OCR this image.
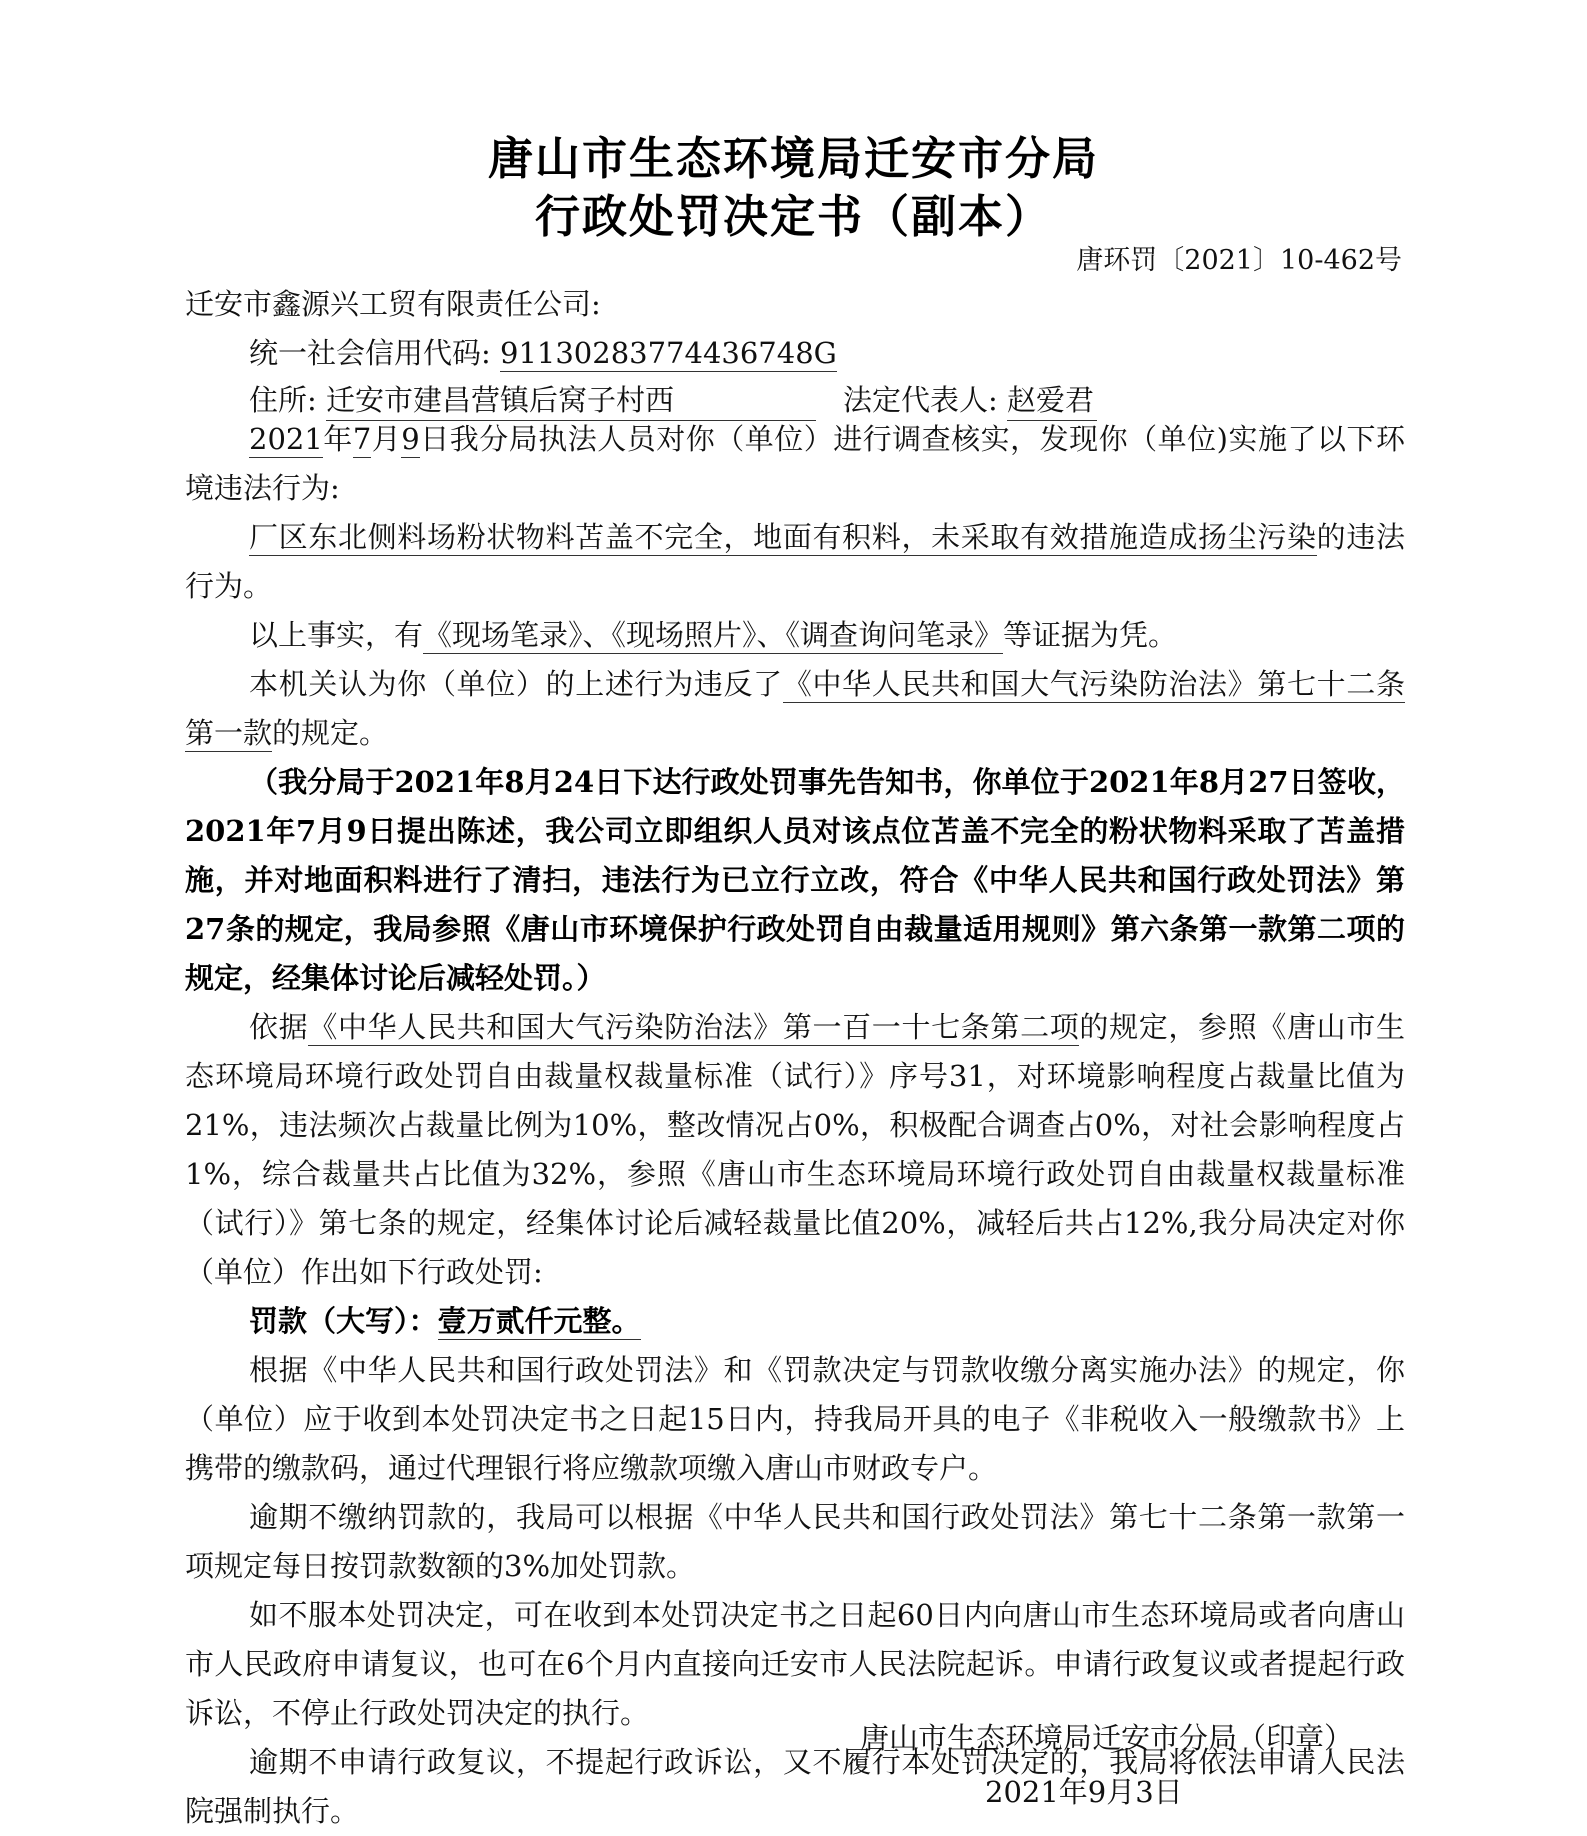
唐山市生态环境局迁安市分局
行政处罚决定书（副本）
唐环罚〔2021〕10-462号
迁安市鑫源兴工贸有限责任公司:
统一社会信用代码: 91130283774436748G
住所: 迁安市建昌营镇后窝子村西	法定代表人: 赵爱君

2021年7月9日我分局执法人员对你（单位）进行调查核实，发现你（单位)实施了以下环境违法行为:

厂区东北侧料场粉状物料苫盖不完全，地面有积料，未采取有效措施造成扬尘污染的违法行为。

以上事实，有《现场笔录》、《现场照片》、《调查询问笔录》等证据为凭。

本机关认为你（单位）的上述行为违反了《中华人民共和国大气污染防治法》第七十二条第一款的规定。

（我分局于2021年8月24日下达行政处罚事先告知书，你单位于2021年8月27日签收，2021年7月9日提出陈述，我公司立即组织人员对该点位苫盖不完全的粉状物料采取了苫盖措施，并对地面积料进行了清扫，违法行为已立行立改，符合《中华人民共和国行政处罚法》第27条的规定，我局参照《唐山市环境保护行政处罚自由裁量适用规则》第六条第一款第二项的规定，经集体讨论后减轻处罚。）

依据《中华人民共和国大气污染防治法》第一百一十七条第二项的规定，参照《唐山市生态环境局环境行政处罚自由裁量权裁量标准（试行）》序号31，对环境影响程度占裁量比值为21%，违法频次占裁量比例为10%，整改情况占0%，积极配合调查占0%，对社会影响程度占1%，综合裁量共占比值为32%，参照《唐山市生态环境局环境行政处罚自由裁量权裁量标准（试行）》第七条的规定，经集体讨论后减轻裁量比值20%，减轻后共占12%,我分局决定对你（单位）作出如下行政处罚:

罚款（大写）：壹万贰仟元整。

根据《中华人民共和国行政处罚法》和《罚款决定与罚款收缴分离实施办法》的规定，你（单位）应于收到本处罚决定书之日起15日内，持我局开具的电子《非税收入一般缴款书》上携带的缴款码，通过代理银行将应缴款项缴入唐山市财政专户。

逾期不缴纳罚款的，我局可以根据《中华人民共和国行政处罚法》第七十二条第一款第一项规定每日按罚款数额的3%加处罚款。

如不服本处罚决定，可在收到本处罚决定书之日起60日内向唐山市生态环境局或者向唐山市人民政府申请复议，也可在6个月内直接向迁安市人民法院起诉。申请行政复议或者提起行政诉讼，不停止行政处罚决定的执行。

逾期不申请行政复议，不提起行政诉讼，又不履行本处罚决定的，我局将依法申请人民法院强制执行。

唐山市生态环境局迁安市分局（印章）
2021年9月3日
